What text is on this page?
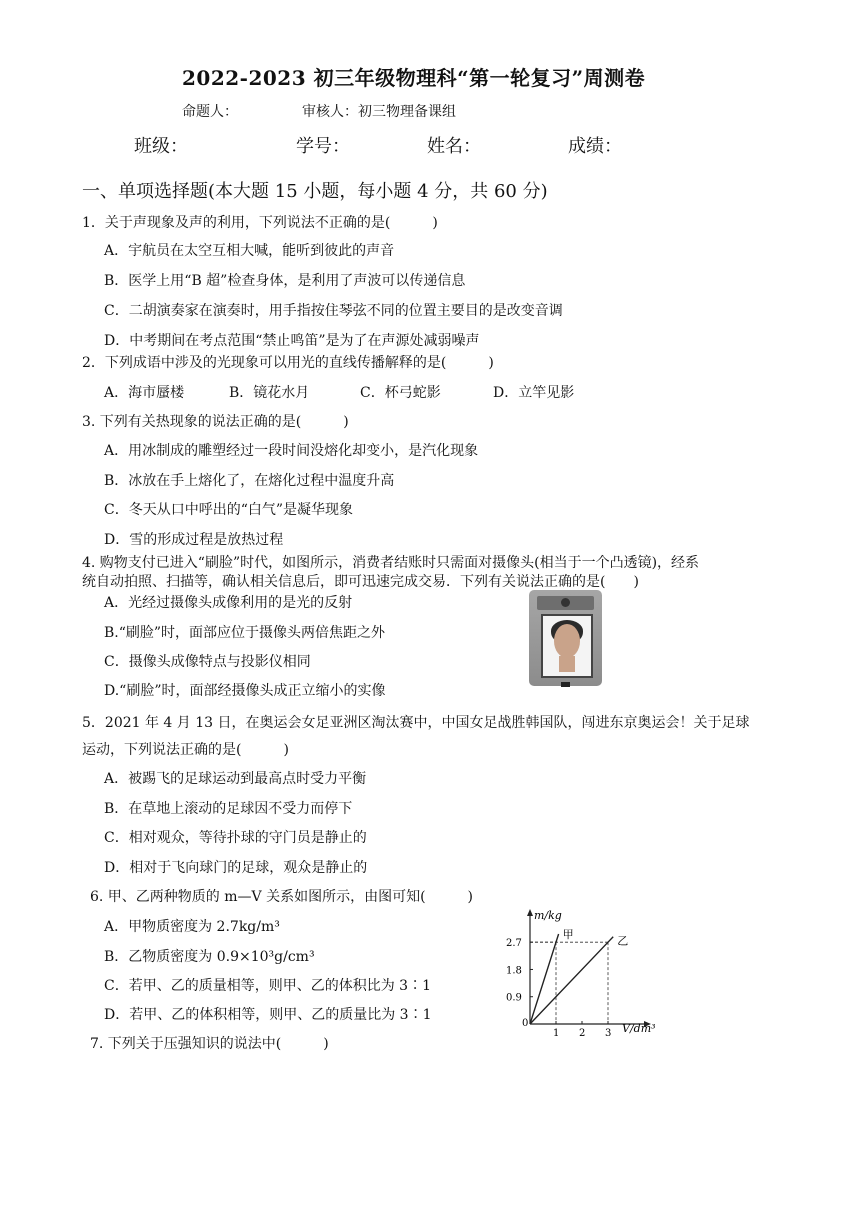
2022-2023 初三年级物理科“第一轮复习”周测卷
命题人：	审核人：初三物理备课组
班级：	学号：	姓名：	成绩：
一、单项选择题(本大题 15 小题，每小题 4 分，共 60 分)
1．关于声现象及声的利用，下列说法不正确的是(　　　)
A．宇航员在太空互相大喊，能听到彼此的声音
B．医学上用“B 超”检查身体，是利用了声波可以传递信息
C．二胡演奏家在演奏时，用手指按住琴弦不同的位置主要目的是改变音调
D．中考期间在考点范围“禁止鸣笛”是为了在声源处减弱噪声
2．下列成语中涉及的光现象可以用光的直线传播解释的是(　　　)
A．海市蜃楼	B．镜花水月	C．杯弓蛇影	D．立竿见影
3. 下列有关热现象的说法正确的是(　　　)
A．用冰制成的雕塑经过一段时间没熔化却变小，是汽化现象
B．冰放在手上熔化了，在熔化过程中温度升高
C．冬天从口中呼出的“白气”是凝华现象
D．雪的形成过程是放热过程
4. 购物支付已进入“刷脸”时代，如图所示，消费者结账时只需面对摄像头(相当于一个凸透镜)，经系
统自动拍照、扫描等，确认相关信息后，即可迅速完成交易．下列有关说法正确的是(　　)
A．光经过摄像头成像利用的是光的反射
B.“刷脸”时，面部应位于摄像头两倍焦距之外
C．摄像头成像特点与投影仪相同
D.“刷脸”时，面部经摄像头成正立缩小的实像
5．2021 年 4 月 13 日，在奥运会女足亚洲区淘汰赛中，中国女足战胜韩国队，闯进东京奥运会！关于足球
运动，下列说法正确的是(　　　)
A．被踢飞的足球运动到最高点时受力平衡
B．在草地上滚动的足球因不受力而停下
C．相对观众，等待扑球的守门员是静止的
D．相对于飞向球门的足球，观众是静止的
6. 甲、乙两种物质的 m—V 关系如图所示，由图可知(　　　)
A．甲物质密度为 2.7kg/m³
B．乙物质密度为 0.9×10³g/cm³
C．若甲、乙的质量相等，则甲、乙的体积比为 3∶1
D．若甲、乙的体积相等，则甲、乙的质量比为 3∶1
甲
乙
1 2 3
0.9
1.8
2.7
m/kg
V/dm³
0
7. 下列关于压强知识的说法中(　　　)
